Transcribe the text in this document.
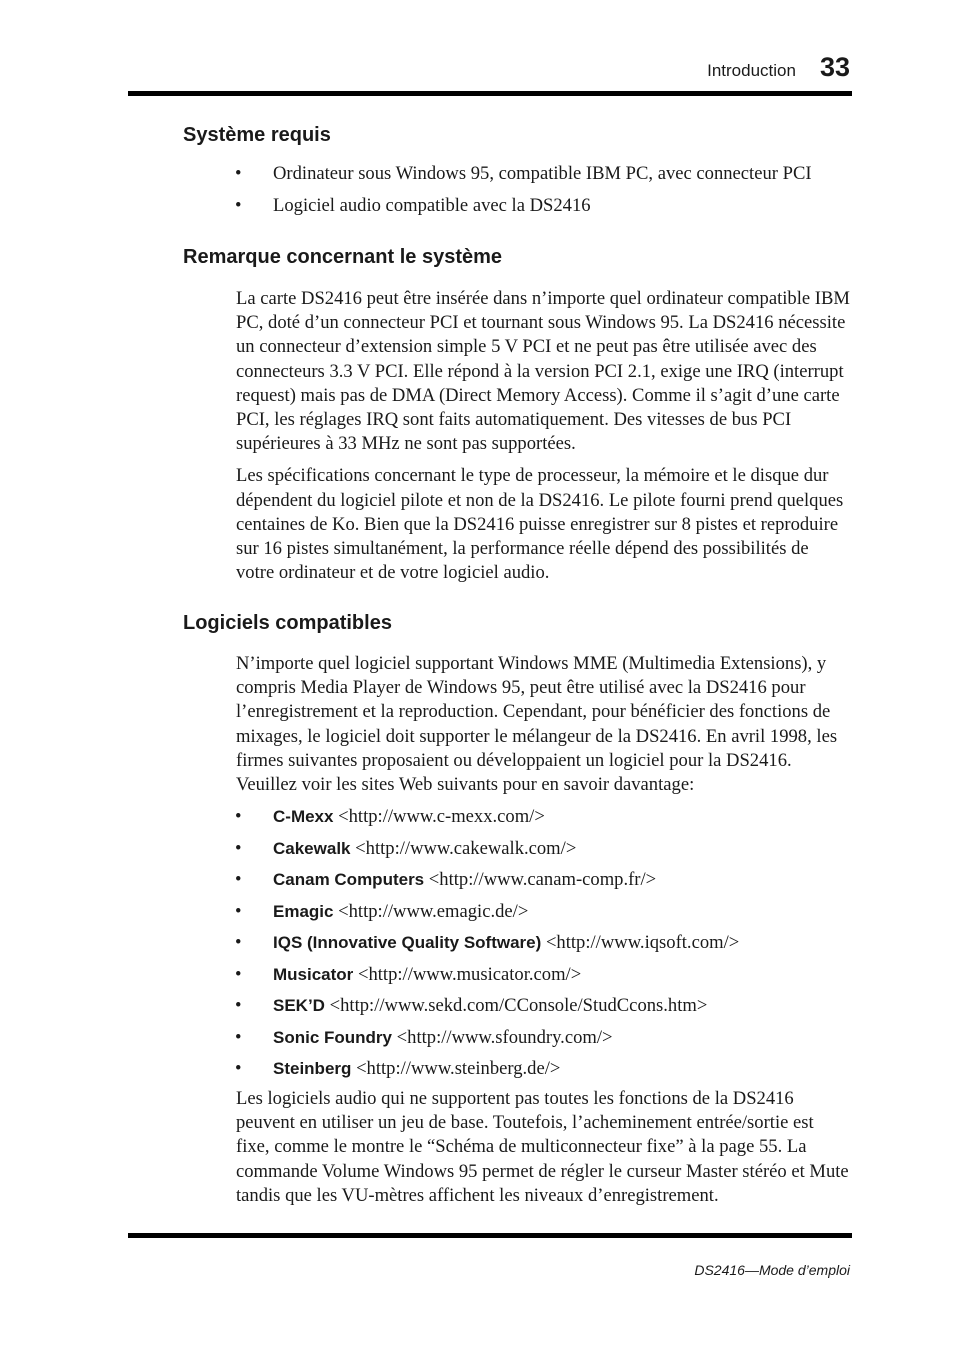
Introduction 33
Système requis
• Ordinateur sous Windows 95, compatible IBM PC, avec connecteur PCI
• Logiciel audio compatible avec la DS2416
Remarque concernant le système

La carte DS2416 peut être insérée dans n’importe quel ordinateur compatible IBM PC, doté d’un connecteur PCI et tournant sous Windows 95. La DS2416 nécessite un connecteur d’extension simple 5 V PCI et ne peut pas être utilisée avec des connecteurs 3.3 V PCI. Elle répond à la version PCI 2.1, exige une IRQ (interrupt request) mais pas de DMA (Direct Memory Access). Comme il s’agit d’une carte PCI, les réglages IRQ sont faits automatiquement. Des vitesses de bus PCI supérieures à 33 MHz ne sont pas supportées.

Les spécifications concernant le type de processeur, la mémoire et le disque dur dépendent du logiciel pilote et non de la DS2416. Le pilote fourni prend quelques centaines de Ko. Bien que la DS2416 puisse enregistrer sur 8 pistes et reproduire sur 16 pistes simultanément, la performance réelle dépend des possibilités de votre ordinateur et de votre logiciel audio.

Logiciels compatibles

N’importe quel logiciel supportant Windows MME (Multimedia Extensions), y compris Media Player de Windows 95, peut être utilisé avec la DS2416 pour l’enregistrement et la reproduction. Cependant, pour bénéficier des fonctions de mixages, le logiciel doit supporter le mélangeur de la DS2416. En avril 1998, les firmes suivantes proposaient ou développaient un logiciel pour la DS2416. Veuillez voir les sites Web suivants pour en savoir davantage:

• C-Mexx <http://www.c-mexx.com/>
• Cakewalk <http://www.cakewalk.com/>
• Canam Computers <http://www.canam-comp.fr/>
• Emagic <http://www.emagic.de/>
• IQS (Innovative Quality Software) <http://www.iqsoft.com/>
• Musicator <http://www.musicator.com/>
• SEK’D <http://www.sekd.com/CConsole/StudCcons.htm>
• Sonic Foundry <http://www.sfoundry.com/>
• Steinberg <http://www.steinberg.de/>

Les logiciels audio qui ne supportent pas toutes les fonctions de la DS2416 peuvent en utiliser un jeu de base. Toutefois, l’acheminement entrée/sortie est fixe, comme le montre le “Schéma de multiconnecteur fixe” à la page 55. La commande Volume Windows 95 permet de régler le curseur Master stéréo et Mute tandis que les VU-mètres affichent les niveaux d’enregistrement.

DS2416—Mode d’emploi
